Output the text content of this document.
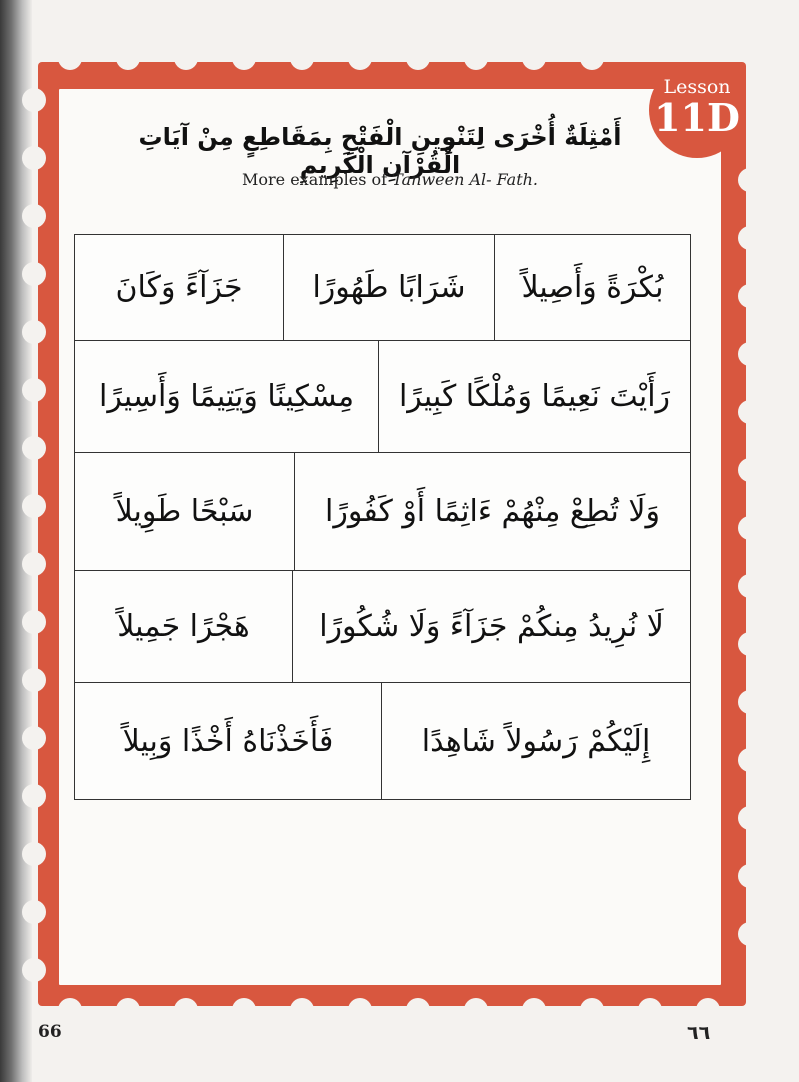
Lesson
11D
أَمْثِلَةٌ أُخْرَى لِتَنْوِينِ الْفَتْحِ بِمَقَاطِعٍ مِنْ آيَاتِ الْقُرْآنِ الْكَرِيمِ
More examples of Tanween Al- Fath.
بُكْرَةً وَأَصِيلاً
شَرَابًا طَهُورًا
جَزَآءً وَكَانَ
رَأَيْتَ نَعِيمًا وَمُلْكًا كَبِيرًا
مِسْكِينًا وَيَتِيمًا وَأَسِيرًا
وَلَا تُطِعْ مِنْهُمْ ءَاثِمًا أَوْ كَفُورًا
سَبْحًا طَوِيلاً
لَا نُرِيدُ مِنكُمْ جَزَآءً وَلَا شُكُورًا
هَجْرًا جَمِيلاً
إِلَيْكُمْ رَسُولاً شَاهِدًا
فَأَخَذْنَاهُ أَخْذًا وَبِيلاً
66	٦٦
